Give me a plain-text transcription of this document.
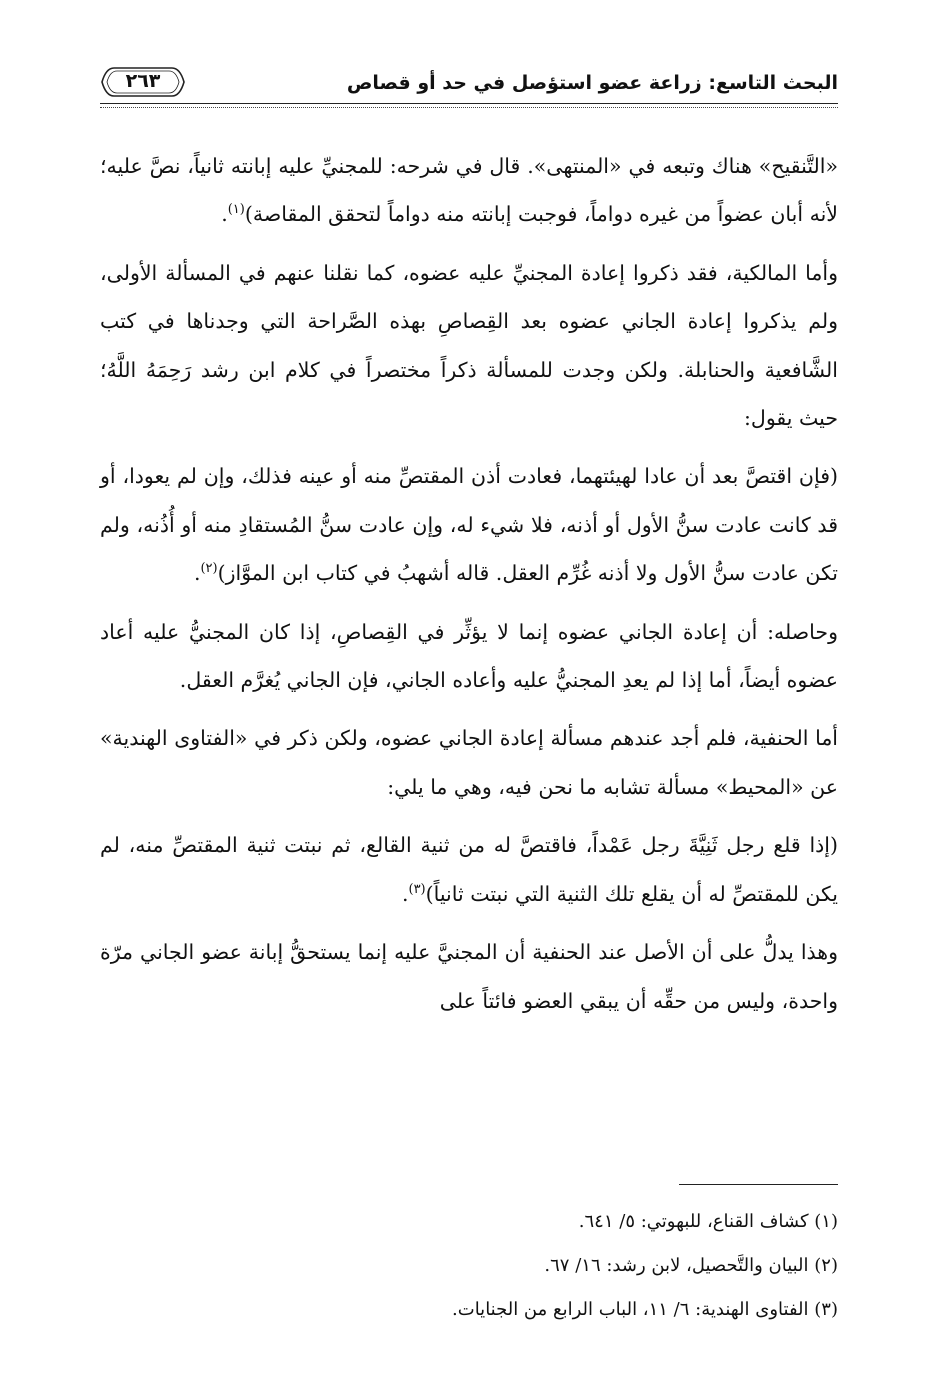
البحث التاسع: زراعة عضو استؤصل في حد أو قصاص
٢٦٣

«التَّنقيح» هناك وتبعه في «المنتهى». قال في شرحه: للمجنيِّ عليه إبانته ثانياً، نصَّ عليه؛ لأنه أبان عضواً من غيره دواماً، فوجبت إبانته منه دواماً لتحقق المقاصة)$^{(١)}$.

وأما المالكية، فقد ذكروا إعادة المجنيِّ عليه عضوه، كما نقلنا عنهم في المسألة الأولى، ولم يذكروا إعادة الجاني عضوه بعد القِصاصِ بهذه الصَّراحة التي وجدناها في كتب الشَّافعية والحنابلة. ولكن وجدت للمسألة ذكراً مختصراً في كلام ابن رشد رَحِمَهُ اللَّهُ؛ حيث يقول:

(فإن اقتصَّ بعد أن عادا لهيئتهما، فعادت أذن المقتصِّ منه أو عينه فذلك، وإن لم يعودا، أو قد كانت عادت سنُّ الأول أو أذنه، فلا شيء له، وإن عادت سنُّ المُستقادِ منه أو أُذُنه، ولم تكن عادت سنُّ الأول ولا أذنه غُرِّم العقل. قاله أشهبُ في كتاب ابن الموَّاز)$^{(٢)}$.

وحاصله: أن إعادة الجاني عضوه إنما لا يؤثِّر في القِصاصِ، إذا كان المجنيُّ عليه أعاد عضوه أيضاً، أما إذا لم يعدِ المجنيُّ عليه وأعاده الجاني، فإن الجاني يُغرَّم العقل.

أما الحنفية، فلم أجد عندهم مسألة إعادة الجاني عضوه، ولكن ذكر في «الفتاوى الهندية» عن «المحيط» مسألة تشابه ما نحن فيه، وهي ما يلي:

(إذا قلع رجل ثَنِيَّةَ رجل عَمْداً، فاقتصَّ له من ثنية القالع، ثم نبتت ثنية المقتصِّ منه، لم يكن للمقتصِّ له أن يقلع تلك الثنية التي نبتت ثانياً)$^{(٣)}$.

وهذا يدلُّ على أن الأصل عند الحنفية أن المجنيَّ عليه إنما يستحقُّ إبانة عضو الجاني مرّة واحدة، وليس من حقِّه أن يبقي العضو فائتاً على

(١) كشاف القناع، للبهوتي: ٥/ ٦٤١.

(٢) البيان والتَّحصيل، لابن رشد: ١٦/ ٦٧.

(٣) الفتاوى الهندية: ٦/ ١١، الباب الرابع من الجنايات.
